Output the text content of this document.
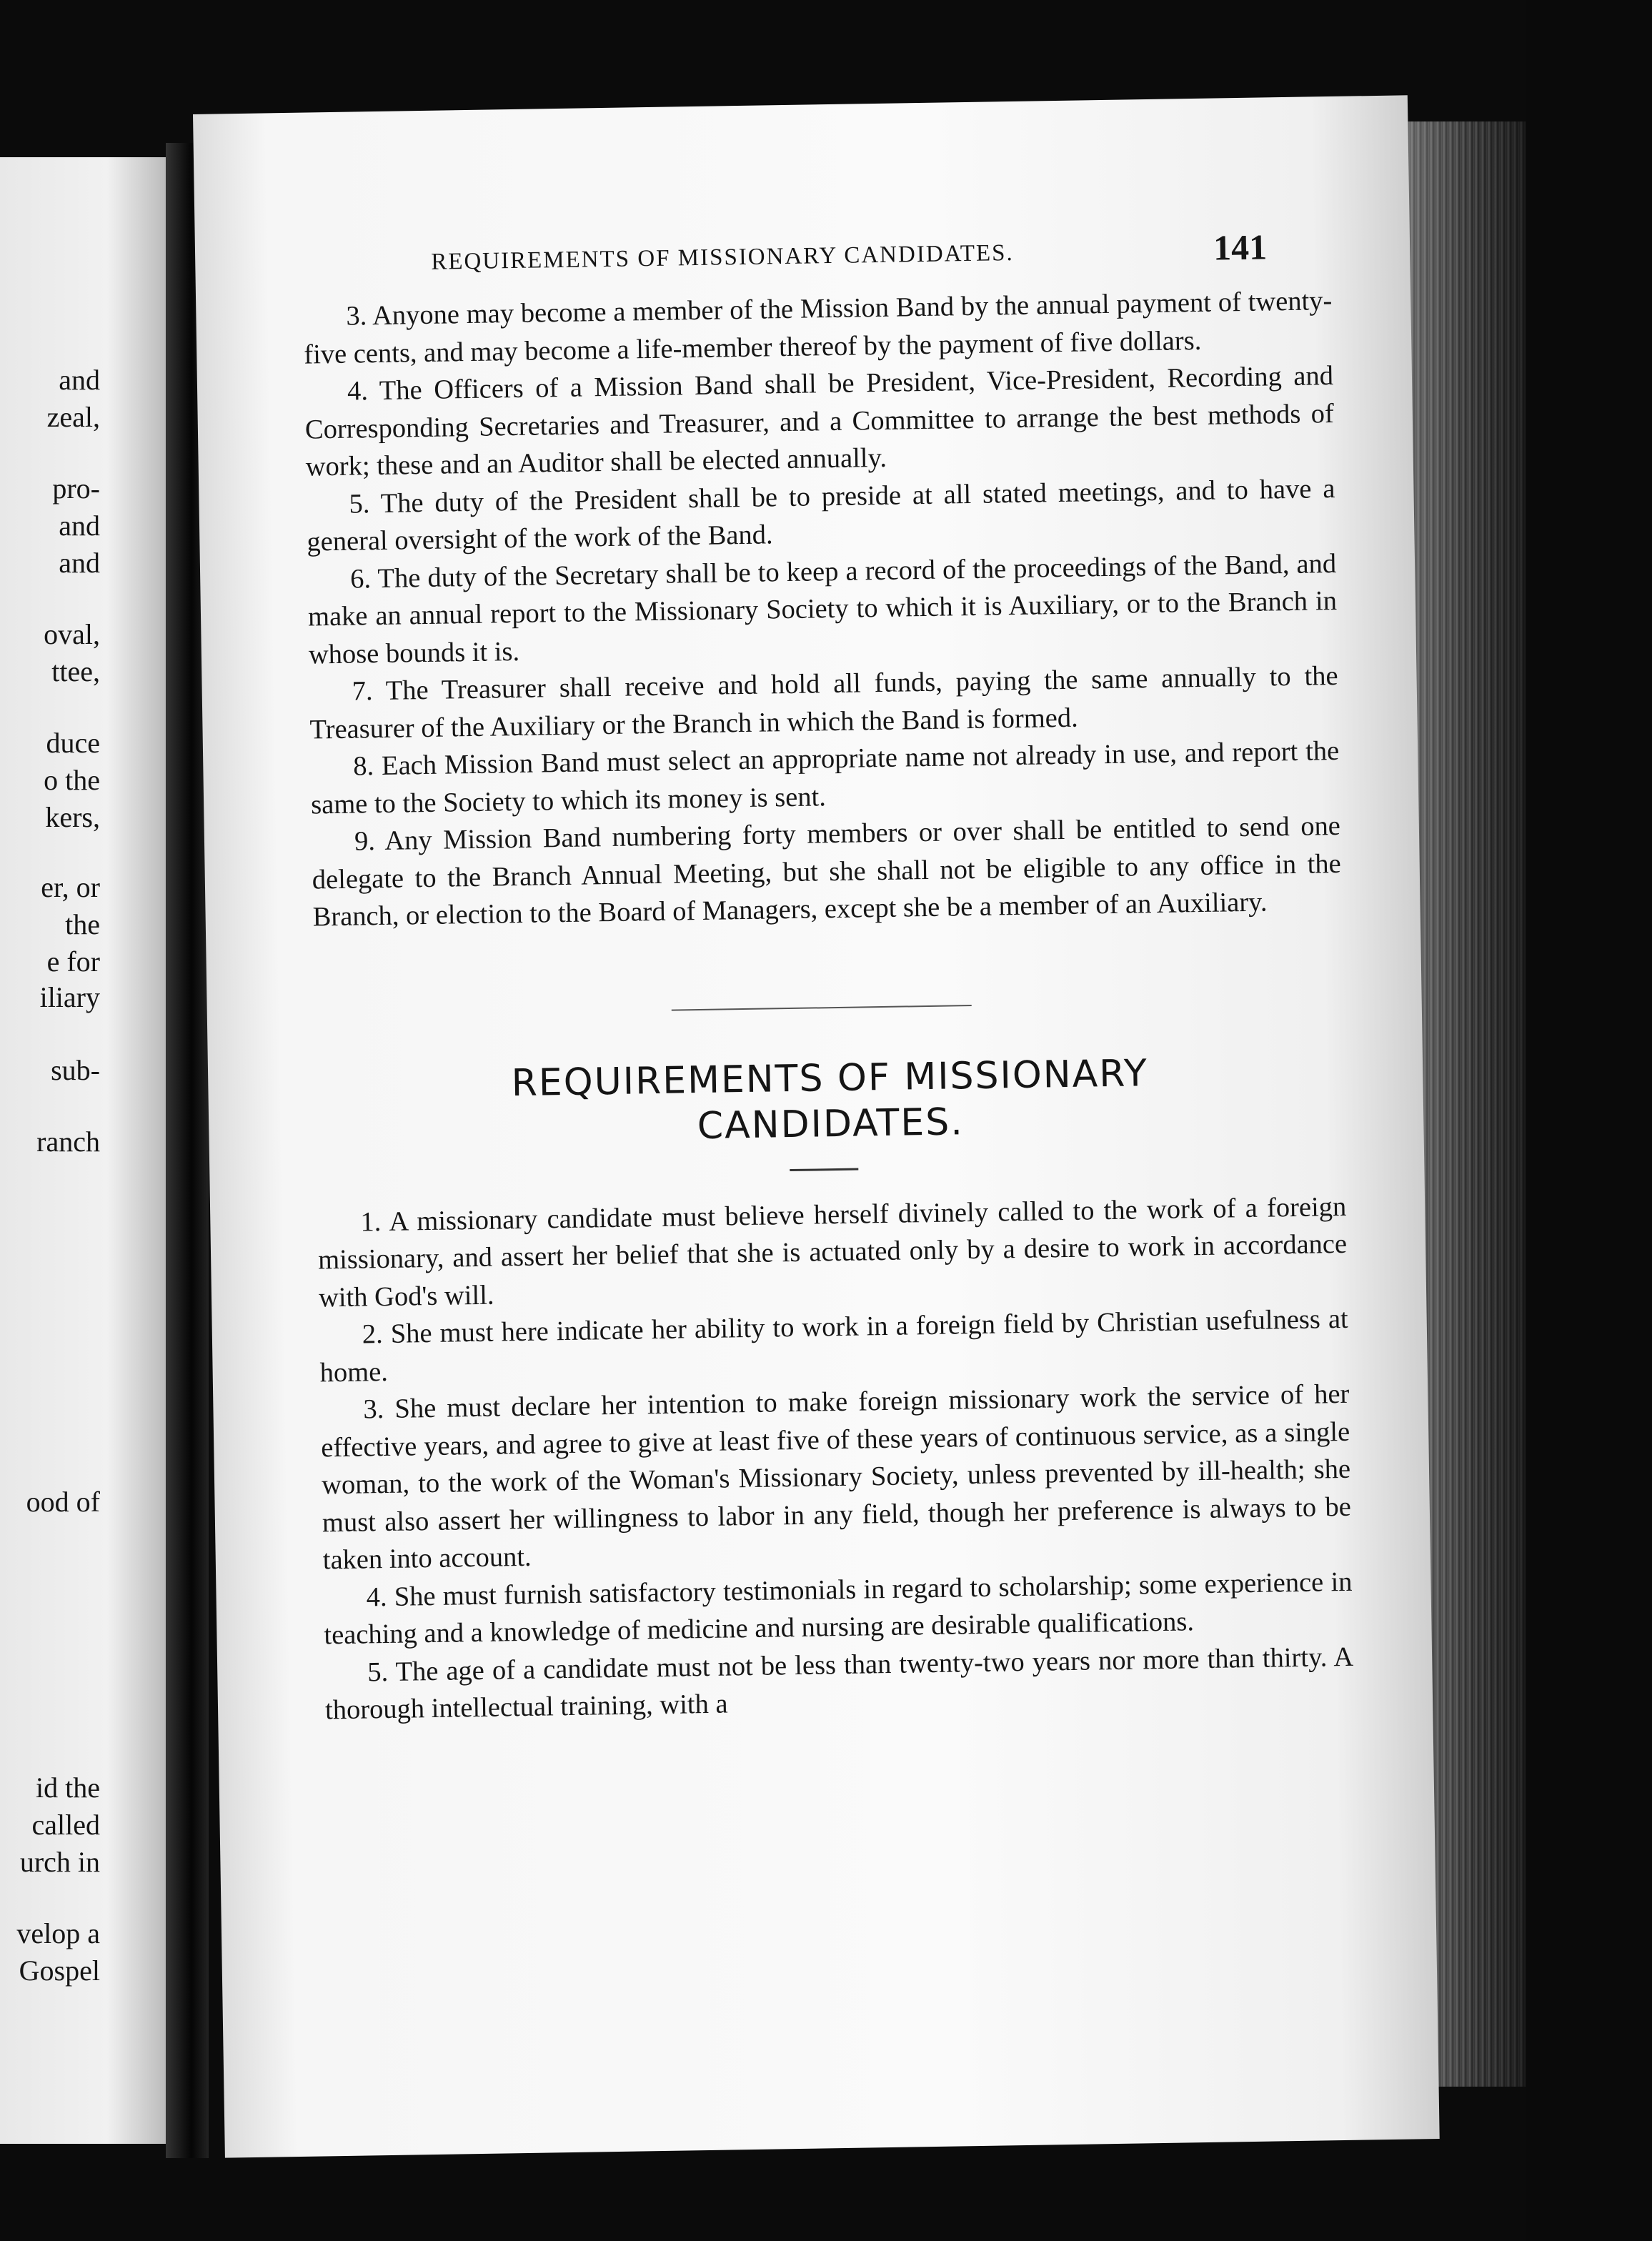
and
zeal,
pro-
and
and
oval,
ttee,
duce
o the
kers,
er, or
the
e for
iliary
sub-
ranch
ood of
id the
called
urch in
velop a
Gospel
REQUIREMENTS OF MISSIONARY CANDIDATES.	141

3. Anyone may become a member of the Mission Band by the annual payment of twenty-five cents, and may become a life-member thereof by the payment of five dollars.

4. The Officers of a Mission Band shall be President, Vice-President, Recording and Corresponding Secretaries and Treasurer, and a Committee to arrange the best methods of work; these and an Auditor shall be elected annually.

5. The duty of the President shall be to preside at all stated meetings, and to have a general oversight of the work of the Band.

6. The duty of the Secretary shall be to keep a record of the proceedings of the Band, and make an annual report to the Missionary Society to which it is Auxiliary, or to the Branch in whose bounds it is.

7. The Treasurer shall receive and hold all funds, paying the same annually to the Treasurer of the Auxiliary or the Branch in which the Band is formed.

8. Each Mission Band must select an appropriate name not already in use, and report the same to the Society to which its money is sent.

9. Any Mission Band numbering forty members or over shall be entitled to send one delegate to the Branch Annual Meeting, but she shall not be eligible to any office in the Branch, or election to the Board of Managers, except she be a member of an Auxiliary.

REQUIREMENTS OF MISSIONARY
CANDIDATES.

1. A missionary candidate must believe herself divinely called to the work of a foreign missionary, and assert her belief that she is actuated only by a desire to work in accordance with God's will.

2. She must here indicate her ability to work in a foreign field by Christian usefulness at home.

3. She must declare her intention to make foreign missionary work the service of her effective years, and agree to give at least five of these years of continuous service, as a single woman, to the work of the Woman's Missionary Society, unless prevented by ill-health; she must also assert her willingness to labor in any field, though her preference is always to be taken into account.

4. She must furnish satisfactory testimonials in regard to scholarship; some experience in teaching and a knowledge of medicine and nursing are desirable qualifications.

5. The age of a candidate must not be less than twenty-two years nor more than thirty. A thorough intellectual training, with a
